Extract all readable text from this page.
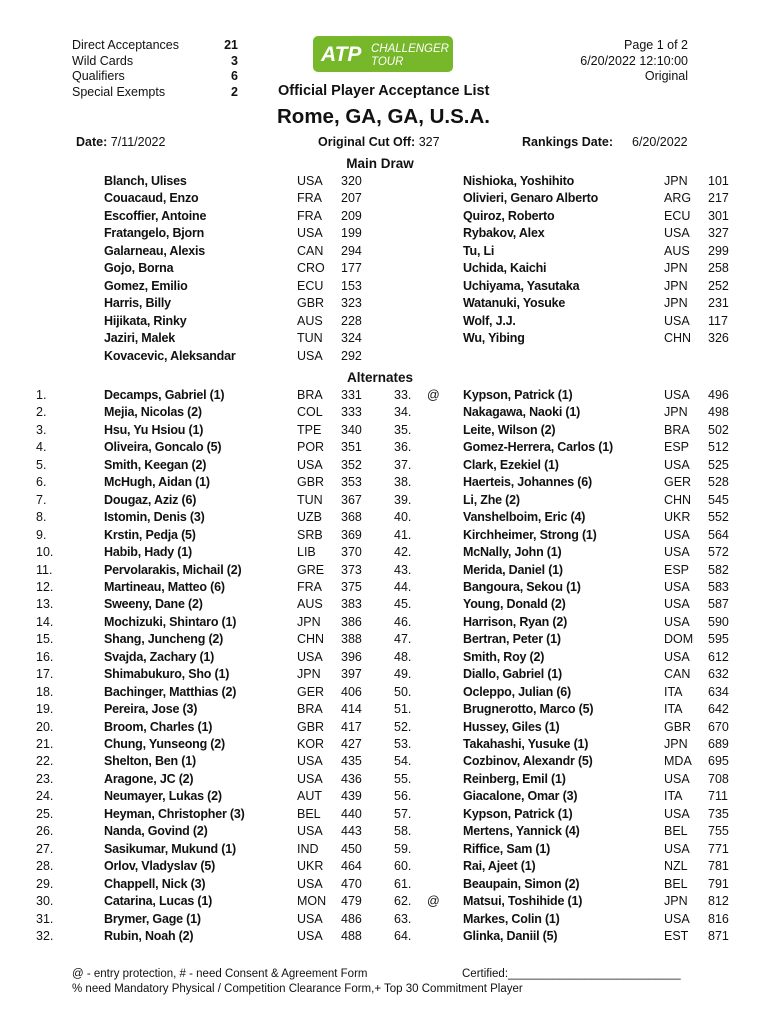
Direct Acceptances	21
Wild Cards	3
Qualifiers	6
Special Exempts	2
ATP CHALLENGER
TOUR
Page 1 of 2
6/20/2022 12:10:00
Original
Official Player Acceptance List
Rome, GA, GA, U.S.A.
Date: 7/11/2022	Original Cut Off: 327	Rankings Date: 6/20/2022
Main Draw
Alternates
Blanch, Ulises	USA 320
Couacaud, Enzo	FRA 207
Escoffier, Antoine	FRA 209
Fratangelo, Bjorn	USA 199
Galarneau, Alexis	CAN 294
Gojo, Borna	CRO 177
Gomez, Emilio	ECU 153
Harris, Billy	GBR 323
Hijikata, Rinky	AUS 228
Jaziri, Malek	TUN 324
Kovacevic, Aleksandar	USA 292
Nishioka, Yoshihito	JPN 101
Olivieri, Genaro Alberto	ARG 217
Quiroz, Roberto	ECU 301
Rybakov, Alex	USA 327
Tu, Li	AUS 299
Uchida, Kaichi	JPN 258
Uchiyama, Yasutaka	JPN 252
Watanuki, Yosuke	JPN 231
Wolf, J.J.	USA 117
Wu, Yibing	CHN 326
1.	Decamps, Gabriel (1)	BRA 331
2.	Mejia, Nicolas (2)	COL 333
3.	Hsu, Yu Hsiou (1)	TPE 340
4.	Oliveira, Goncalo (5)	POR 351
5.	Smith, Keegan (2)	USA 352
6.	McHugh, Aidan (1)	GBR 353
7.	Dougaz, Aziz (6)	TUN 367
8.	Istomin, Denis (3)	UZB 368
9.	Krstin, Pedja (5)	SRB 369
10.	Habib, Hady (1)	LIB 370
11.	Pervolarakis, Michail (2)	GRE 373
12.	Martineau, Matteo (6)	FRA 375
13.	Sweeny, Dane (2)	AUS 383
14.	Mochizuki, Shintaro (1)	JPN 386
15.	Shang, Juncheng (2)	CHN 388
16.	Svajda, Zachary (1)	USA 396
17.	Shimabukuro, Sho (1)	JPN 397
18.	Bachinger, Matthias (2)	GER 406
19.	Pereira, Jose (3)	BRA 414
20.	Broom, Charles (1)	GBR 417
21.	Chung, Yunseong (2)	KOR 427
22.	Shelton, Ben (1)	USA 435
23.	Aragone, JC (2)	USA 436
24.	Neumayer, Lukas (2)	AUT 439
25.	Heyman, Christopher (3)	BEL 440
26.	Nanda, Govind (2)	USA 443
27.	Sasikumar, Mukund (1)	IND 450
28.	Orlov, Vladyslav (5)	UKR 464
29.	Chappell, Nick (3)	USA 470
30.	Catarina, Lucas (1)	MON 479
31.	Brymer, Gage (1)	USA 486
32.	Rubin, Noah (2)	USA 488
33. @ Kypson, Patrick (1)	USA 496
34.	Nakagawa, Naoki (1)	JPN 498
35.	Leite, Wilson (2)	BRA 502
36.	Gomez-Herrera, Carlos (1)	ESP 512
37.	Clark, Ezekiel (1)	USA 525
38.	Haerteis, Johannes (6)	GER 528
39.	Li, Zhe (2)	CHN 545
40.	Vanshelboim, Eric (4)	UKR 552
41.	Kirchheimer, Strong (1)	USA 564
42.	McNally, John (1)	USA 572
43.	Merida, Daniel (1)	ESP 582
44.	Bangoura, Sekou (1)	USA 583
45.	Young, Donald (2)	USA 587
46.	Harrison, Ryan (2)	USA 590
47.	Bertran, Peter (1)	DOM 595
48.	Smith, Roy (2)	USA 612
49.	Diallo, Gabriel (1)	CAN 632
50.	Ocleppo, Julian (6)	ITA 634
51.	Brugnerotto, Marco (5)	ITA 642
52.	Hussey, Giles (1)	GBR 670
53.	Takahashi, Yusuke (1)	JPN 689
54.	Cozbinov, Alexandr (5)	MDA 695
55.	Reinberg, Emil (1)	USA 708
56.	Giacalone, Omar (3)	ITA 711
57.	Kypson, Patrick (1)	USA 735
58.	Mertens, Yannick (4)	BEL 755
59.	Riffice, Sam (1)	USA 771
60.	Rai, Ajeet (1)	NZL 781
61.	Beaupain, Simon (2)	BEL 791
62. @ Matsui, Toshihide (1)	JPN 812
63.	Markes, Colin (1)	USA 816
64.	Glinka, Daniil (5)	EST 871
@ - entry protection, # - need Consent & Agreement Form	Certified:___________________________
% need Mandatory Physical / Competition Clearance Form,+ Top 30 Commitment Player
